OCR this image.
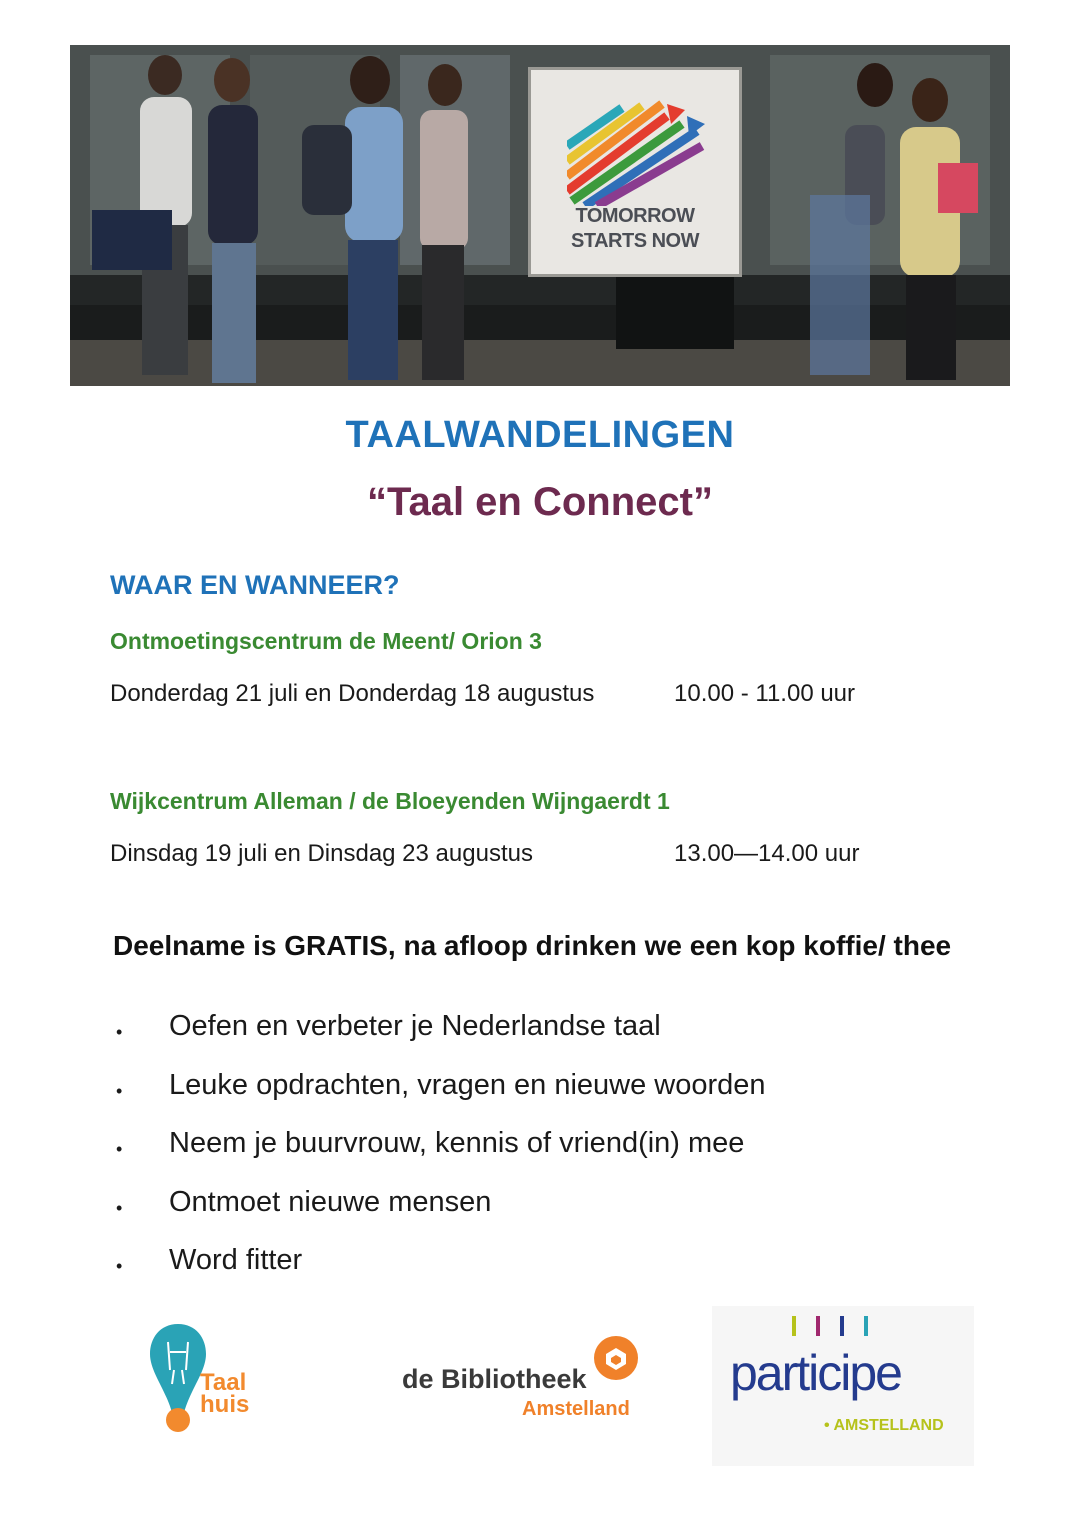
TOMORROW
STARTS NOW
TAALWANDELINGEN
“Taal en Connect”
WAAR EN WANNEER?
Ontmoetingscentrum de Meent/ Orion 3
Donderdag 21 juli en Donderdag 18 augustus	10.00 - 11.00 uur
Wijkcentrum Alleman / de Bloeyenden Wijngaerdt 1
Dinsdag 19 juli en Dinsdag 23 augustus	13.00—14.00 uur
Deelname is GRATIS, na afloop drinken we een kop koffie/ thee
• Oefen en verbeter je Nederlandse taal
• Leuke opdrachten, vragen en nieuwe woorden
• Neem je buurvrouw, kennis of vriend(in) mee
• Ontmoet nieuwe mensen
• Word fitter
Taal
huis
de Bibliotheek
Amstelland
participe
• AMSTELLAND
